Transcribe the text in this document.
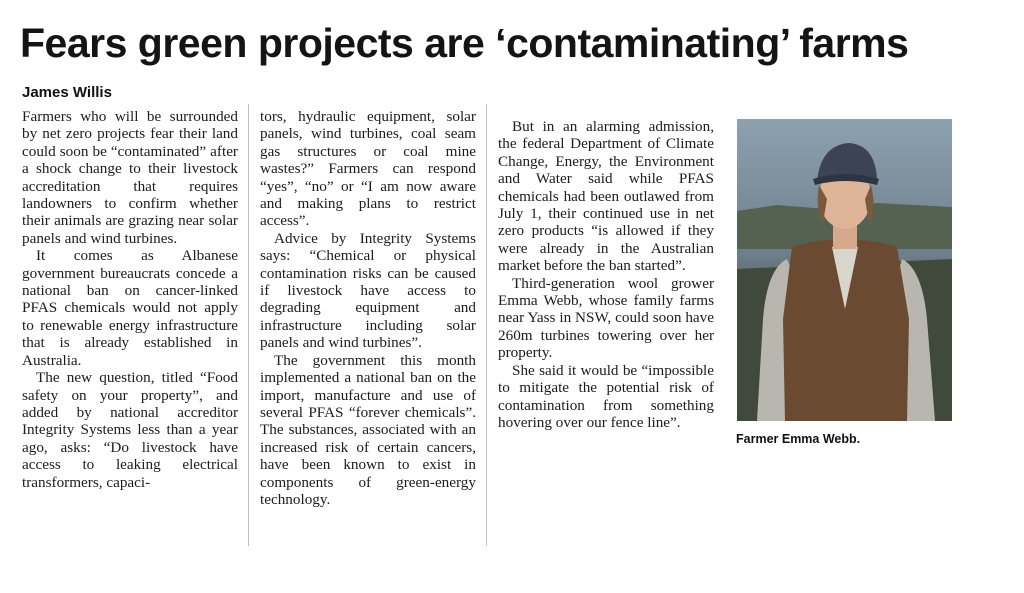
Fears green projects are ‘contaminating’ farms
James Willis

Farmers who will be surrounded by net zero projects fear their land could soon be “contaminated” after a shock change to their livestock accreditation that requires landowners to confirm whether their animals are grazing near solar panels and wind turbines.

It comes as Albanese government bureaucrats concede a national ban on cancer-linked PFAS chemicals would not apply to renewable energy infrastructure that is already established in Australia.

The new question, titled “Food safety on your property”, and added by national accreditor Integrity Systems less than a year ago, asks: “Do livestock have access to leaking electrical transformers, capaci-

tors, hydraulic equipment, solar panels, wind turbines, coal seam gas structures or coal mine wastes?” Farmers can respond “yes”, “no” or “I am now aware and making plans to restrict access”.

Advice by Integrity Systems says: “Chemical or physical contamination risks can be caused if livestock have access to degrading equipment and infrastructure including solar panels and wind turbines”.

The government this month implemented a national ban on the import, manufacture and use of several PFAS “forever chemicals”. The substances, associated with an increased risk of certain cancers, have been known to exist in components of green-energy technology.

But in an alarming admission, the federal Department of Climate Change, Energy, the Environment and Water said while PFAS chemicals had been outlawed from July 1, their continued use in net zero products “is allowed if they were already in the Australian market before the ban started”.

Third-generation wool grower Emma Webb, whose family farms near Yass in NSW, could soon have 260m turbines towering over her property.

She said it would be “impossible to mitigate the potential risk of contamination from something hovering over our fence line”.

Farmer Emma Webb.
